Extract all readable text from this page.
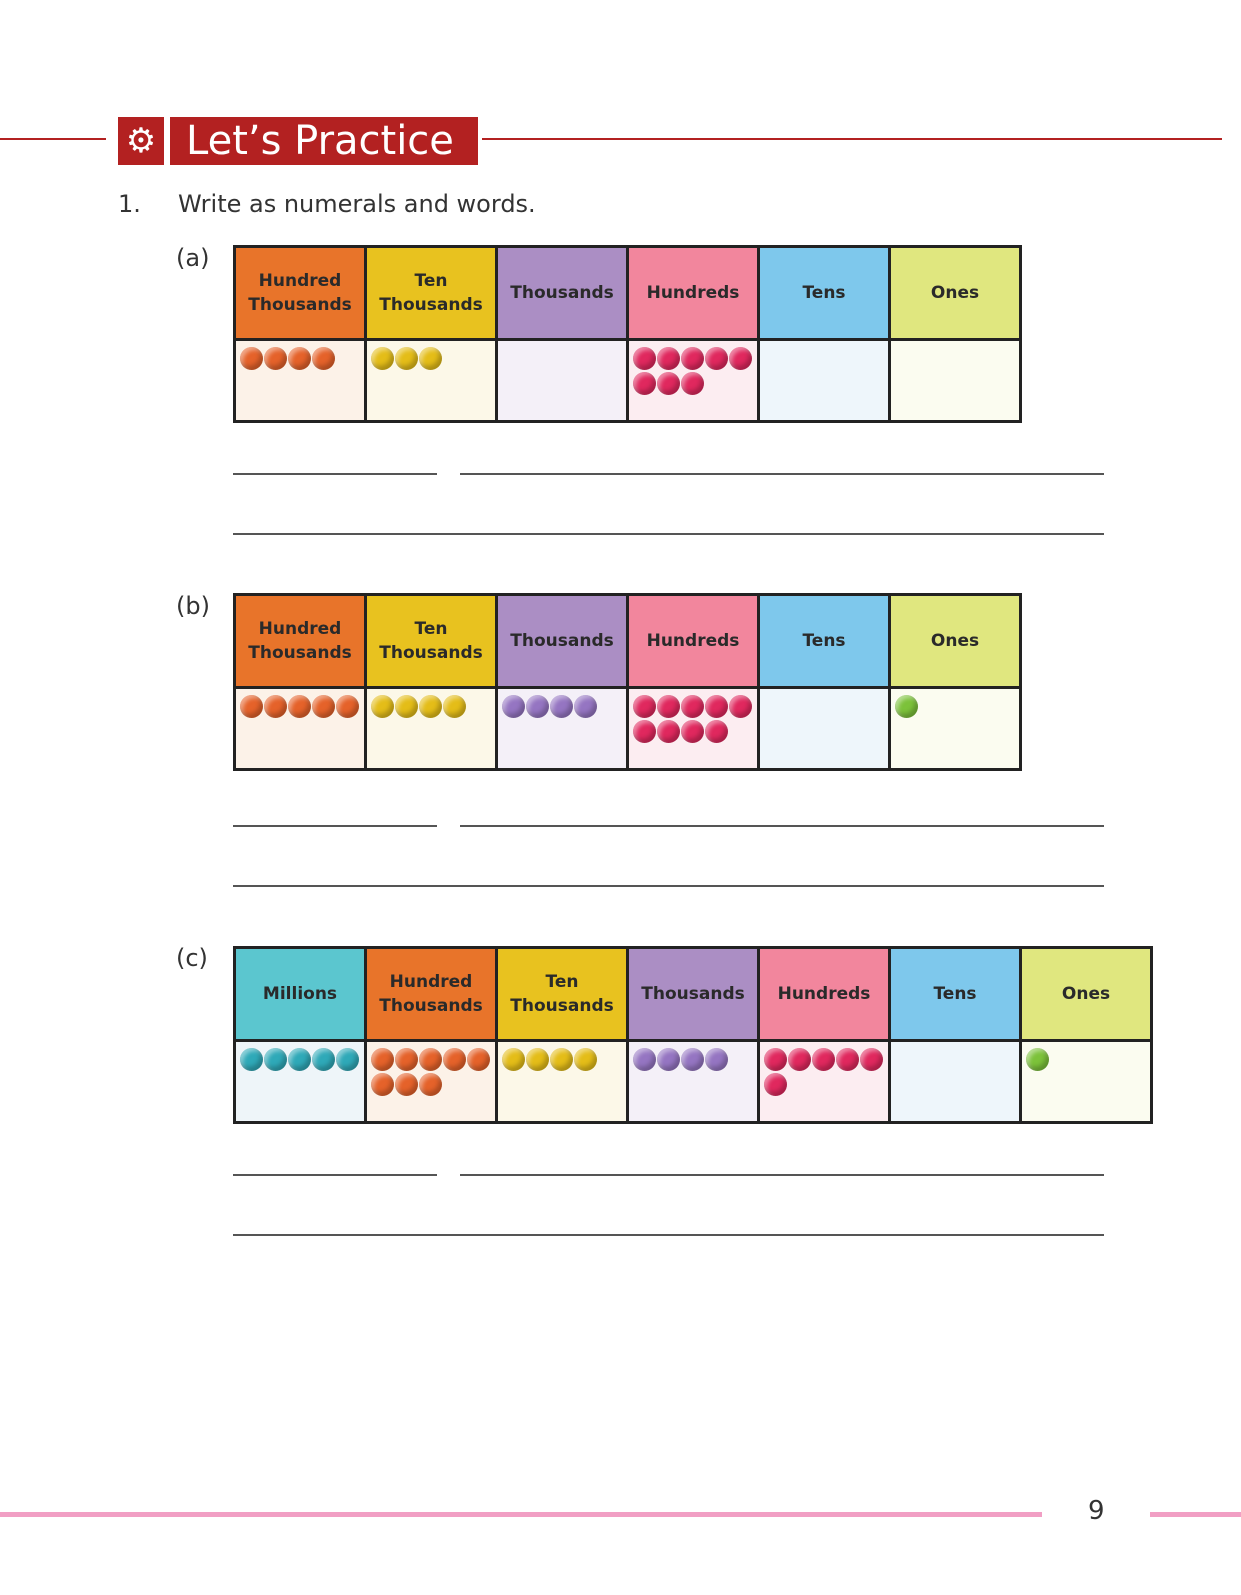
⚙ Let’s Practice
1. Write as numerals and words.
(a)
Hundred Thousands	Ten Thousands	Thousands	Hundreds	Tens	Ones

(b)
Hundred Thousands	Ten Thousands	Thousands	Hundreds	Tens	Ones

(c)
Millions	Hundred Thousands	Ten Thousands	Thousands	Hundreds	Tens	Ones

9
